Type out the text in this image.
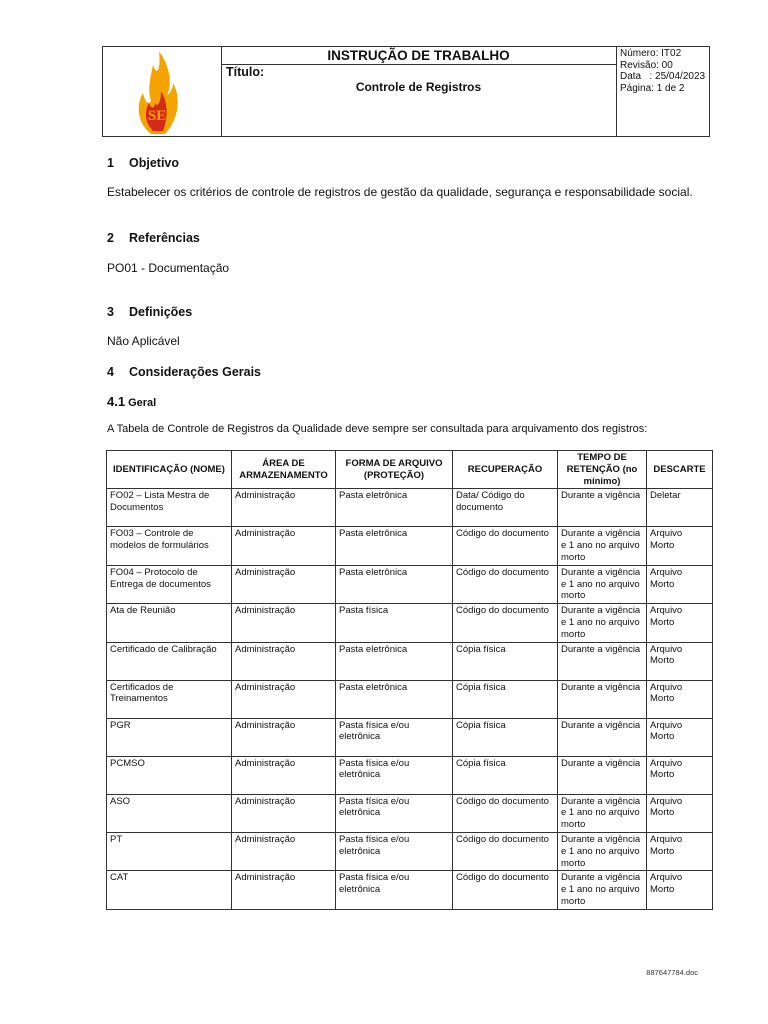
SE
INSTRUÇÃO DE TRABALHO
Título:
Controle de Registros
Número: IT02
Revisão: 00
Data   : 25/04/2023
Página: 1 de 2
1 Objetivo
Estabelecer os critérios de controle de registros de gestão da qualidade, segurança e responsabilidade social.
2 Referências
PO01 - Documentação
3 Definições
Não Aplicável
4 Considerações Gerais
4.1 Geral
A Tabela de Controle de Registros da Qualidade deve sempre ser consultada para arquivamento dos registros:
IDENTIFICAÇÃO (NOME)	ÁREA DE ARMAZENAMENTO	FORMA DE ARQUIVO (PROTEÇÃO)	RECUPERAÇÃO	TEMPO DE RETENÇÃO (no mínimo)	DESCARTE
FO02 – Lista Mestra de Documentos	Administração	Pasta eletrônica	Data/ Código do documento	Durante a vigência	Deletar
FO03 – Controle de modelos de formulários	Administração	Pasta eletrônica	Código do documento	Durante a vigência e 1 ano no arquivo morto	Arquivo Morto
FO04 – Protocolo de Entrega de documentos	Administração	Pasta eletrônica	Código do documento	Durante a vigência e 1 ano no arquivo morto	Arquivo Morto
Ata de Reunião	Administração	Pasta física	Código do documento	Durante a vigência e 1 ano no arquivo morto	Arquivo Morto
Certificado de Calibração	Administração	Pasta eletrônica	Cópia física	Durante a vigência	Arquivo Morto
Certificados de Treinamentos	Administração	Pasta eletrônica	Cópia física	Durante a vigência	Arquivo Morto
PGR	Administração	Pasta física e/ou eletrônica	Cópia física	Durante a vigência	Arquivo Morto
PCMSO	Administração	Pasta física e/ou eletrônica	Cópia física	Durante a vigência	Arquivo Morto
ASO	Administração	Pasta física e/ou eletrônica	Código do documento	Durante a vigência e 1 ano no arquivo morto	Arquivo Morto
PT	Administração	Pasta física e/ou eletrônica	Código do documento	Durante a vigência e 1 ano no arquivo morto	Arquivo Morto
CAT	Administração	Pasta física e/ou eletrônica	Código do documento	Durante a vigência e 1 ano no arquivo morto	Arquivo Morto
887647784.doc
